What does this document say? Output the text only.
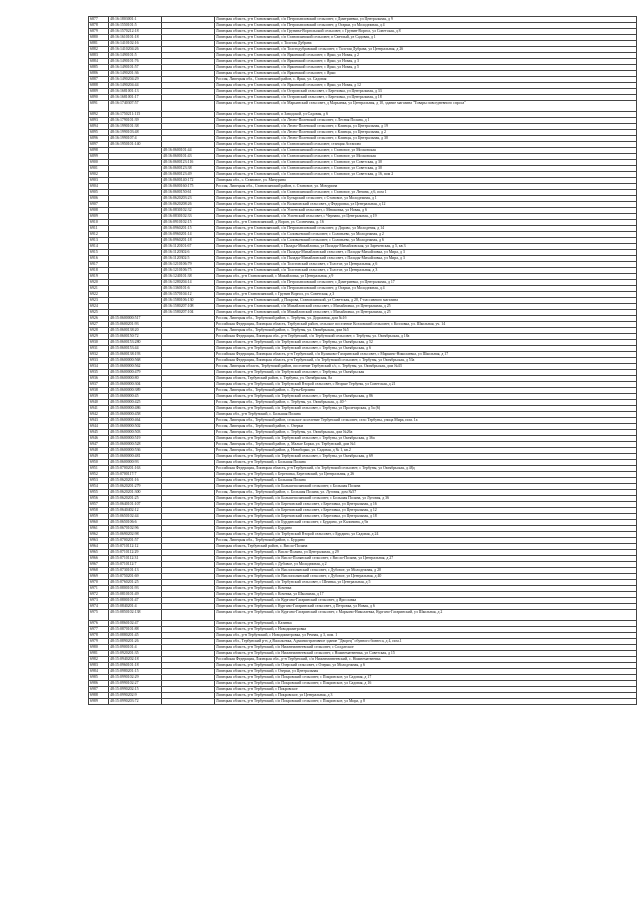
6877	48:16:1803001:1		Липецкая область, р-н Становлянский, с/п Петропавловский сельсовет, с Дмитриевка, ул Центральная, д 9
6878	48:16:1550101:5		Липецкая область, р-н Становлянский, с/п Петропавловский сельсовет, д Огарки, ул Молодежная, д 4
6879	48:16:1570212:18		Липецкая область, р-н Становлянский, с/п Грунина-Воргольский сельсовет, с Грунин-Воргол, ул Советская, д 8
6880	48:16:1610101:18		Липецкая область, р-н Становлянский, с/п Становлянский сельсовет, п Светлый, ул Садовая, д 1
6881	48:16:1410102:16		Липецкая область, р-н Становлянский, с Толстая Дубрава
6882	48:16:1410204:26		Липецкая область, р-н Становлянский, с/п Толстодубравский сельсовет, с Толстая Дубрава, ул Центральная, д 26
6883	48:16:1490101:5		Липецкая область, р-н Становлянский, с/п Яркинский сельсовет, с Ярки, ул Новая, д 2
6884	48:16:1490101:76		Липецкая область, р-н Становлянский, с/п Яркинский сельсовет, с Ярки, ул Новая, д 3
6885	48:16:1490101:57		Липецкая область, р-н Становлянский, с/п Яркинский сельсовет, с Ярки, ул Новая, д 5
6886	48:16:1490201:36		Липецкая область, р-н Становлянский, с/п Яркинский сельсовет, с Ярки
6887	48:16:1490204:29		Россия, Липецкая обл., Становлянский район, с. Ярки, ул. Садовая
6888	48:16:1490204:44		Липецкая область, р-н Становлянский, с/п Яркинский сельсовет, с Ярки, ул Новая, д 12
6889	48:16:1681001:13		Липецкая область, р-н Становлянский, с/п Островский сельсовет, с Березовка, ул Центральная, д 33
6890	48:16:1681001:17		Липецкая область, р-н Становлянский, с/п Островский сельсовет, с Березовка, ул Центральная, д 18
6891	48:16:1740307:57		Липецкая область, р-н Становлянский, с/п Марьинский сельсовет, д Марьинка, ул Центральная, д 10, здание магазина "Товары повседневного спроса"
6892	48:16:1750211:115		Липецкая область, р-н Становлянский, п Заводской, ул Садовая, д 6
6893	48:16:1790101:39		Липецкая область, р-н Становлянский, с/п Лесно-Полевской сельсовет, с Лесная Поляна, д 1
6894	48:16:1990101:38		Липецкая область, р-н Становлянский, с/п Лесно-Полевской сельсовет, с Клинцы, ул Центральная, д 19
6895	48:16:1990103:48		Липецкая область, р-н Становлянский, с/п Лесно-Полевской сельсовет, с Клинцы, ул Центральная, д 2
6896	48:16:1990107:4		Липецкая область, р-н Становлянский, с/п Лесно-Полевской сельсовет, с Клинцы, ул Центральная, д 30
6897	48:16:1950101:140		Липецкая область, р-н Становлянский, с/п Становлянский сельсовет, станция Астапово
6898		48:16:0600101:44	Липецкая область, р-н Становлянский, с/п Становлянский сельсовет, с Становое, ул Московская
6899		48:16:0600101:43	Липецкая область, р-н Становлянский, с/п Становлянский сельсовет, с Становое, ул Московская
6900		48:16:0600123:116	Липецкая область, р-н Становлянский, с/п Становлянский сельсовет, с Становое, ул Советская, д 30
6901		48:16:0600123:38	Липецкая область, р-н Становлянский, с/п Становлянский сельсовет, с Становое, ул Советская, д 30
6902		48:16:0600123:49	Липецкая область, р-н Становлянский, с/п Становлянский сельсовет, с Становое, ул Советская, д 16, пом 2
6903		48:16:0600140:172	Липецкая обл., с. Становое, ул. Мичурина
6904		48:16:0600160:175	Россия, Липецкая обл., Становлянский район, с. Становое, ул. Мичурина
6905		48:16:0600150:61	Липецкая область, р-н Становлянский, с/п Становлянский сельсовет, с Становое, ул Ленина, д 6, пом 1
6906		48:16:0620203:23	Липецкая область, р-н Становлянский, с/п Бутырский сельсовет, с Становое, ул Молодежная, д 1
6907		48:16:0620208:26	Липецкая область, р-н Становлянский, с/п Вольновский сельсовет, д Федоровка, ул Центральная, д 12
6908		48:16:0830102:32	Липецкая область, р-н Становлянский, с/п Успенский сельсовет, с Мешковка, ул Новая, д 6
6909		48:16:0830102:33	Липецкая область, р-н Становлянский, с/п Успенский сельсовет, с Чернава, ул Центральная, д 19
6910		48:16:0910102:15	Липецкая обл., р-н Становлянский, д Ворон, ул. Солнечная, д. 16
6911		48:16:0960201:15	Липецкая область, р-н Становлянский, с/п Петропавловский сельсовет, д Дорово, ул Молоденая, д 14
6912		48:16:0960201:14	Липецкая область, р-н Становлянский, с/п Соловьевский сельсовет, с Соловьево, ул Молодежная, д 2
6913		48:16:0960201:18	Липецкая область, р-н Становлянский, с/п Соловьевский сельсовет, с Соловьево, ул Молодежная, д 6
6914		48:16:1120101:67	Липецкая область, р-н Становлянский, с Палады-Михайловка, ул Палады-Михайловская, ул Зареченская, д 5, кв 3
6915		48:16:1120302:6	Липецкая область, р-н Становлянский, с/п Палады-Михайловский сельсовет, с Палады-Михайловка, ул Мира, д 3
6916		48:16:1120302:5	Липецкая область, р-н Становлянский, с/п Палады-Михайловский сельсовет, с Палады-Михайловка, ул Мира, д 3
6917		48:16:1210106:79	Липецкая область, р-н Становлянский, с/п Толстовский сельсовет, с Толстое, ул Центральная, д 6
6918		48:16:1210106:75	Липецкая область, р-н Становлянский, с/п Толстовский сельсовет, с Толстое, ул Центральная, д 3
6919		48:16:1240101:38	Липецкая обл., р-н Становлянский, с Михайловка, ул Центральная, д 9
6920		48:16:1280204:14	Липецкая область, р-н Становлянский, с/п Петропавловский сельсовет, с Дмитриевка, ул Центральная, д 17
6921		48:16:1360101:6	Липецкая область, р-н Становлянский, с/п Петропавловский сельсовет, д Огарки, ул Молодежная, д 4
6922		48:16:1570104:12	Липецкая обл., р-н Становлянский, с Грунин Воргол, ул. Советская, д 3
6923		48:16:1580106:130	Липецкая область, р-н Становлянский, д Покрова, Становлянский, ул Советская, д 20, Г-пассивного магазина
6924		48:16:1580207:108	Липецкая область, р-н Становлянский, с/п Михайловский сельсовет, с Михайловка, ул Центральная, д 25
6925		48:16:1580207:104	Липецкая область, р-н Становлянский, с/п Михайловский сельсовет, с Михайловка, ул Центральная, д 25
6926	48:15:0600000:517		Россия, Липецкая обл., Тербунский район, с. Тербуны, ул. Дорожная, дом №1б
6927	48:15:0600201:93		Российская Федерация, Липецкая область, Тербунский район, сельское поселение Козловский сельсовет, с Козловка, ул. Школьная, уч. 14
6928	48:15:0600138:20		Россия, Липецкая обл., Тербунский район, с. Тербуны, ул. Октябрьская, дом №5
6929	48:15:0600150:72		Российская Федерация, Липецкая обл., р-н Тербунский, с/п Тербунский сельсовет, с Тербуны, ул. Октябрьская, д 18а
6930	48:15:0600153:280		Липецкая область, р-н Тербунский, с/п Тербунский сельсовет, с Тербуны, ул Октябрьская, д 52
6931	48:15:0600153:44		Липецкая область, р-н Тербунский, с/п Тербунский сельсовет, с Тербуны, ул Октябрьская, д 6
6932	48:15:0600138:193		Российская Федерация, Липецкая область, р-н Тербунский, с/п Куликово-Гагаринский сельсовет, с Марьино-Николаевка, ул Школьная, д 17
6933	48:15:0600000:568		Российская Федерация, Липецкая область, р-н Тербунский, с/п Тербунский сельсовет, с Тербуны, ул Октябрьская, д 53а
6934	48:15:0600000:562		Россия, Липецкая область, Тербунский район, поселение Тербунский с/с, с. Тербуны, ул. Октябрьская, дом №43
6935	48:15:0600000:479		Липецкая область, р-н Тербунский, с/п Тербунский сельсовет, с Тербуны, ул Октябрьская
6936	48:15:0600000:80		Липецкая область, Тербунский район, с. Тербуны, ул. Октябрьская, 8а
6937	48:15:0600000:304		Липецкая область, р-н Тербунский, с/п Тербунский Второй сельсовет, с Вторые Тербуны, ул Советская, д 21
6938	48:15:0600000:389		Россия, Липецкая обл., Тербунский район, с. Луты-Берлина
6939	48:15:0600000:45		Липецкая область, р-н Тербунский, с/п Тербунский сельсовет, с Тербуны, ул Октябрьская, д 86
6940	48:15:0600000:425		Россия, Липецкая обл., Тербунский район, с. Тербуны, ул. Октябрьская, д. 40 ^
6941	48:15:0600000:486		Липецкая область, р-н Тербунский, с/п Тербунский сельсовет, с Тербуны, ул Пролетарская, д 5а (6)
6942	48:15:0600000:458		Липецкая обл., р-н Тербунский, с. Большая Поляна
6943	48:15:0600000:464		Россия, Липецкая обл., Тербунский район, сельское поселение Тербунский сельсовет, село Тербуны, улица Мира, пом. 1а
6944	48:15:0600000:502		Россия, Липецкая обл., Тербунский район, с. Озерки
6945	48:15:0600000:503		Россия, Липецкая обл., Тербунский район, с. Тербуны, ул. Октябрьская, дом №26а
6946	48:15:0600000:519		Липецкая область, р-н Тербунский, с/п Тербунский сельсовет, с Тербуны, ул Октябрьская, д 36а
6947	48:15:0600000:528		Россия, Липецкая обл., Тербунский район, д. Малые Борки, ул. Тербунский, дом №1
6948	48:15:0600000:536		Россия, Липецкая обл., Тербунский район, д. Новоборки, ул. Садовая, д № 1, кв.2
6949	48:15:0600000:481		Липецкая область, р-н Тербунский, с/п Тербунский сельсовет, с Тербуны, ул Октябрьская, д 69
6950	48:15:0600000:93		Липецкая область, р-н Тербунский, с Большая Поляна
6951	48:15:0700201:163		Российская Федерация, Липецкая область, р-н Тербунский, с/п Тербунский сельсовет, с Тербуны, ул Октябрьская, д 48д
6952	48:15:0700117:7		Липецкая область, р-н Тербунский, с Березовка, Березовский, ул Центральная, д 26
6953	48:15:0620201:16		Липецкая область, р-н Тербунский, с Большая Поляна
6954	48:15:0620201:279		Липецкая область, р-н Тербунский, с/п Большеполянский сельсовет, с Большая Поляна
6955	48:15:0620201:300		Россия, Липецкая обл., Тербунский район, с. Большая Поляна, ул. Луговая, дом №57
6956	48:15:0620201:25		Липецкая область, р-н Тербунский, с/п Большеполянский сельсовет, с Большая Поляна, ул Луговая, д 36
6957	48:15:0640101:107		Липецкая область, р-н Тербунский, с/п Березовский сельсовет, с Березовка, ул Центральная, д 16
6958	48:15:0640402:12		Липецкая область, р-н Тербунский, с/п Березовский сельсовет, с Березовка, ул Центральная, д 12
6959	48:15:0650102:44		Липецкая область, р-н Тербунский, с/п Березовский сельсовет, с Березовка, ул Центральная, д 18
6960	48:15:0650106:6		Липецкая область, р-н Тербунский, с/п Бурдинский сельсовет, с Бурдино, ул Калинина, д 9а
6961	48:15:0670102:96		Липецкая область, р-н Тербунский, с Бурдино
6962	48:15:0690202:98		Липецкая область, р-н Тербунский, с/п Тербунский Второй сельсовет, с Бурдино, ул Садовая, д 24
6963	48:15:0700201:57		Россия, Липецкая обл., Тербунский район, с. Бурдино
6964	48:15:0710112:12		Липецкая область, Тербунский район, с. Висло-Поляна
6965	48:15:0710112:29		Липецкая область, р-н Тербунский, с Висло-Поляна, ул Центральная, д 29
6966	48:15:0710112:31		Липецкая область, р-н Тербунский, с/п Висло-Полянский сельсовет, с Висло-Поляна, ул Центральная, д 27
6967	48:15:0710112:7		Липецкая область, р-н Тербунский, с Дубовое, ул Молодежная, д 2
6968	48:15:0730101:13		Липецкая область, р-н Тербунский, с/п Вислополянский сельсовет, с Дубовое, ул Молодежная, д 20
6969	48:15:0750201:69		Липецкая область, р-н Тербунский, с/п Вислополянский сельсовет, с Дубовое, ул Центральная, д 40
6970	48:15:0760201:25		Липецкая область, р-н Тербунский, с/п Тербунский сельсовет, с Шеинка, ул Центральная, д 5
6971	48:15:0800101:93		Липецкая область, р-н Тербунский, с Кочевка
6972	48:15:0810101:49		Липецкая область, р-н Тербунский, с Кочевка, ул Школьная, д 17
6973	48:15:0800101:47		Липецкая область, р-н Тербунский, с/п Кургано-Гагаринский сельсовет, д Ярославка
6974	48:15:0840201:4		Липецкая область, р-н Тербунский, с Кургано-Гагаринский сельсовет, д Петровка, ул Новая, д 6
6975	48:15:0850102:138		Липецкая область, р-н Тербунский, с/п Кургано-Гагаринский сельсовет, с Марьино-Николаевка, Кургано-Гагаринский, ул Школьная, д 2
6976	48:15:0860102:47		Липецкая область, р-н Тербунский, с Казинка
6977	48:15:0870101:88		Липецкая область, р-н Тербунский, с Новодимитровка
6978	48:15:0880201:45		Липецкая обл., р-н Тербунский, с Новодимитровка, ул Речная, д 3, пом. 1
6979	48:15:0890201:26		Липецкая обл., Тербунский р-н, д Васильевка, Административное здание "Дворец" обувного бизнеса, д 4, пом.1
6980	48:15:0900101:4		Липецкая область, р-н Тербунский, с/п Нижнематвеевский сельсовет, с Солдатское
6981	48:15:0920201:35		Липецкая область, р-н Тербунский, с/п Нижнематвеевский сельсовет, с Нижнематвеевка, ул Советская, д 15
6982	48:15:0940202:18		Российская Федерация, Липецкая обл., р-н Тербунский, с/п Нижнематвеевский, с. Нижнематвеевка
6983	48:15:0960101:18		Липецкая область, р-н Тербунский, с/п Озерский сельсовет, с Озерки, ул Молодежная, д 6
6984	48:15:0980201:15		Липецкая область, р-н Тербунский, с Озерки, ул Центральная
6985	48:15:0990102:29		Липецкая область, р-н Тербунский, с/п Покровский сельсовет, с Покровское, ул Садовая, д 17
6986	48:15:0990102:27		Липецкая область, р-н Тербунский, с/п Покровский сельсовет, с Покровское, ул Садовая, д 16
6987	48:15:0990202:15		Липецкая область, р-н Тербунский, с Покровское
6988	48:15:0990202:9		Липецкая область, р-н Тербунский, с Покровское, ул Центральная, д 3
6989	48:15:0990203:72		Липецкая область, р-н Тербунский, с/п Покровский сельсовет, с Покровское, ул Мира, д 8
